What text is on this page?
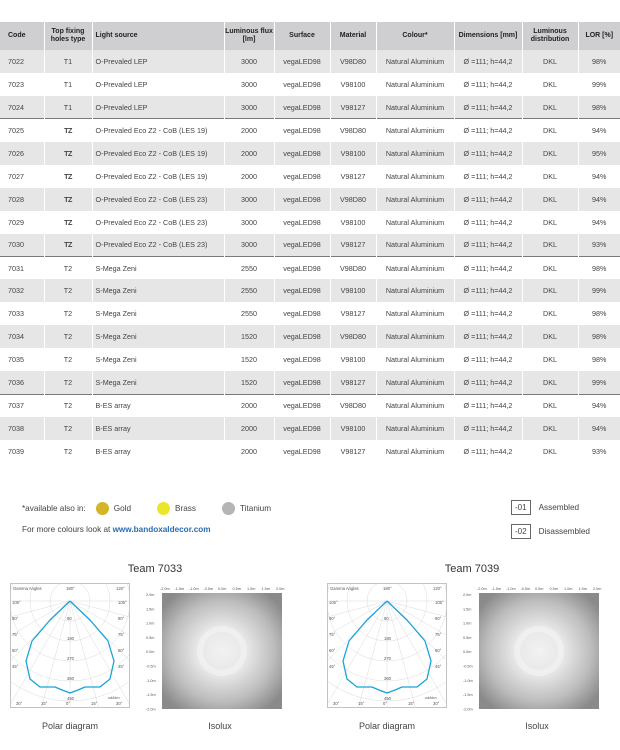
Code	Top fixing holes type	Light source	Luminous flux [lm]	Surface	Material	Colour*	Dimensions [mm]	Luminous distribution	LOR [%]
7022	T1	O-Prevaled LEP	3000	vegaLED98	V98D80	Natural Aluminium	Ø =111; h=44,2	DKL	98%
7023	T1	O-Prevaled LEP	3000	vegaLED98	V98100	Natural Aluminium	Ø =111; h=44,2	DKL	99%
7024	T1	O-Prevaled LEP	3000	vegaLED98	V98127	Natural Aluminium	Ø =111; h=44,2	DKL	98%
7025	TZ	O-Prevaled Eco Z2 - CoB (LES 19)	2000	vegaLED98	V98D80	Natural Aluminium	Ø =111; h=44,2	DKL	94%
7026	TZ	O-Prevaled Eco Z2 - CoB (LES 19)	2000	vegaLED98	V98100	Natural Aluminium	Ø =111; h=44,2	DKL	95%
7027	TZ	O-Prevaled Eco Z2 - CoB (LES 19)	2000	vegaLED98	V98127	Natural Aluminium	Ø =111; h=44,2	DKL	94%
7028	TZ	O-Prevaled Eco Z2 - CoB (LES 23)	3000	vegaLED98	V98D80	Natural Aluminium	Ø =111; h=44,2	DKL	94%
7029	TZ	O-Prevaled Eco Z2 - CoB (LES 23)	3000	vegaLED98	V98100	Natural Aluminium	Ø =111; h=44,2	DKL	94%
7030	TZ	O-Prevaled Eco Z2 - CoB (LES 23)	3000	vegaLED98	V98127	Natural Aluminium	Ø =111; h=44,2	DKL	93%
7031	T2	S-Mega Zeni	2550	vegaLED98	V98D80	Natural Aluminium	Ø =111; h=44,2	DKL	98%
7032	T2	S-Mega Zeni	2550	vegaLED98	V98100	Natural Aluminium	Ø =111; h=44,2	DKL	99%
7033	T2	S-Mega Zeni	2550	vegaLED98	V98127	Natural Aluminium	Ø =111; h=44,2	DKL	98%
7034	T2	S-Mega Zeni	1520	vegaLED98	V98D80	Natural Aluminium	Ø =111; h=44,2	DKL	98%
7035	T2	S-Mega Zeni	1520	vegaLED98	V98100	Natural Aluminium	Ø =111; h=44,2	DKL	98%
7036	T2	S-Mega Zeni	1520	vegaLED98	V98127	Natural Aluminium	Ø =111; h=44,2	DKL	99%
7037	T2	B-ES array	2000	vegaLED98	V98D80	Natural Aluminium	Ø =111; h=44,2	DKL	94%
7038	T2	B-ES array	2000	vegaLED98	V98100	Natural Aluminium	Ø =111; h=44,2	DKL	94%
7039	T2	B-ES array	2000	vegaLED98	V98127	Natural Aluminium	Ø =111; h=44,2	DKL	93%
*available also in:	Gold	Brass	Titanium
For more colours look at www.bandoxaldecor.com
-01	Assembled
-02	Disassembled
Team 7033
Gamma Angles	180°	120°
105°
90°
75°
60°
45°
105°
90°
75°
60°
45°
30°	15°	0°	15°	30°
90
180
270
360
450	cd/klm
-2.0m -1.5m -1.0m -0.5m 0.0m 0.5m 1.0m 1.5m 2.0m
2.0m
1.5m
1.0m
0.5m
0.0m
-0.5m
-1.0m
-1.5m
-2.0m
Polar diagram	Isolux
Team 7039
Gamma Angles	180°	120°
105°
90°
75°
60°
45°
105°
90°
75°
60°
45°
30°	15°	0°	15°	30°
90
180
270
360
450	cd/klm
-2.0m -1.5m -1.0m -0.5m 0.0m 0.5m 1.0m 1.5m 2.0m
2.0m
1.5m
1.0m
0.5m
0.0m
-0.5m
-1.0m
-1.5m
-2.0m
Polar diagram	Isolux
